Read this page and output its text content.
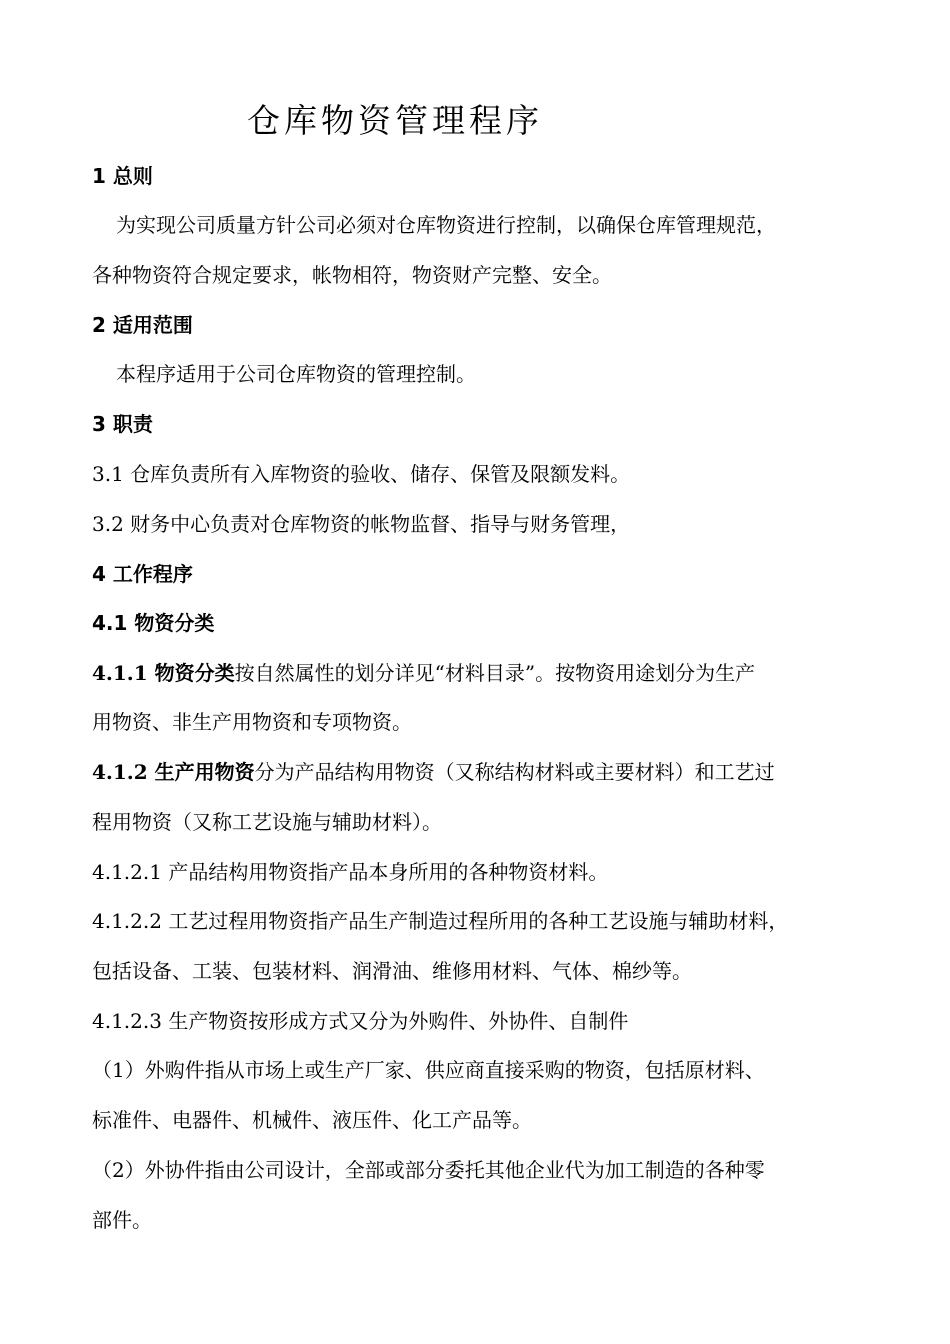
仓库物资管理程序
1 总则
为实现公司质量方针公司必须对仓库物资进行控制，以确保仓库管理规范，
各种物资符合规定要求，帐物相符，物资财产完整、安全。
2 适用范围
本程序适用于公司仓库物资的管理控制。
3 职责
3.1 仓库负责所有入库物资的验收、储存、保管及限额发料。
3.2 财务中心负责对仓库物资的帐物监督、指导与财务管理，
4 工作程序
4.1 物资分类
4.1.1 物资分类按自然属性的划分详见“材料目录”。按物资用途划分为生产
用物资、非生产用物资和专项物资。
4.1.2 生产用物资分为产品结构用物资（又称结构材料或主要材料）和工艺过
程用物资（又称工艺设施与辅助材料）。
4.1.2.1 产品结构用物资指产品本身所用的各种物资材料。
4.1.2.2 工艺过程用物资指产品生产制造过程所用的各种工艺设施与辅助材料，
包括设备、工装、包装材料、润滑油、维修用材料、气体、棉纱等。
4.1.2.3 生产物资按形成方式又分为外购件、外协件、自制件
（1）外购件指从市场上或生产厂家、供应商直接采购的物资，包括原材料、
标准件、电器件、机械件、液压件、化工产品等。
（2）外协件指由公司设计，全部或部分委托其他企业代为加工制造的各种零
部件。
